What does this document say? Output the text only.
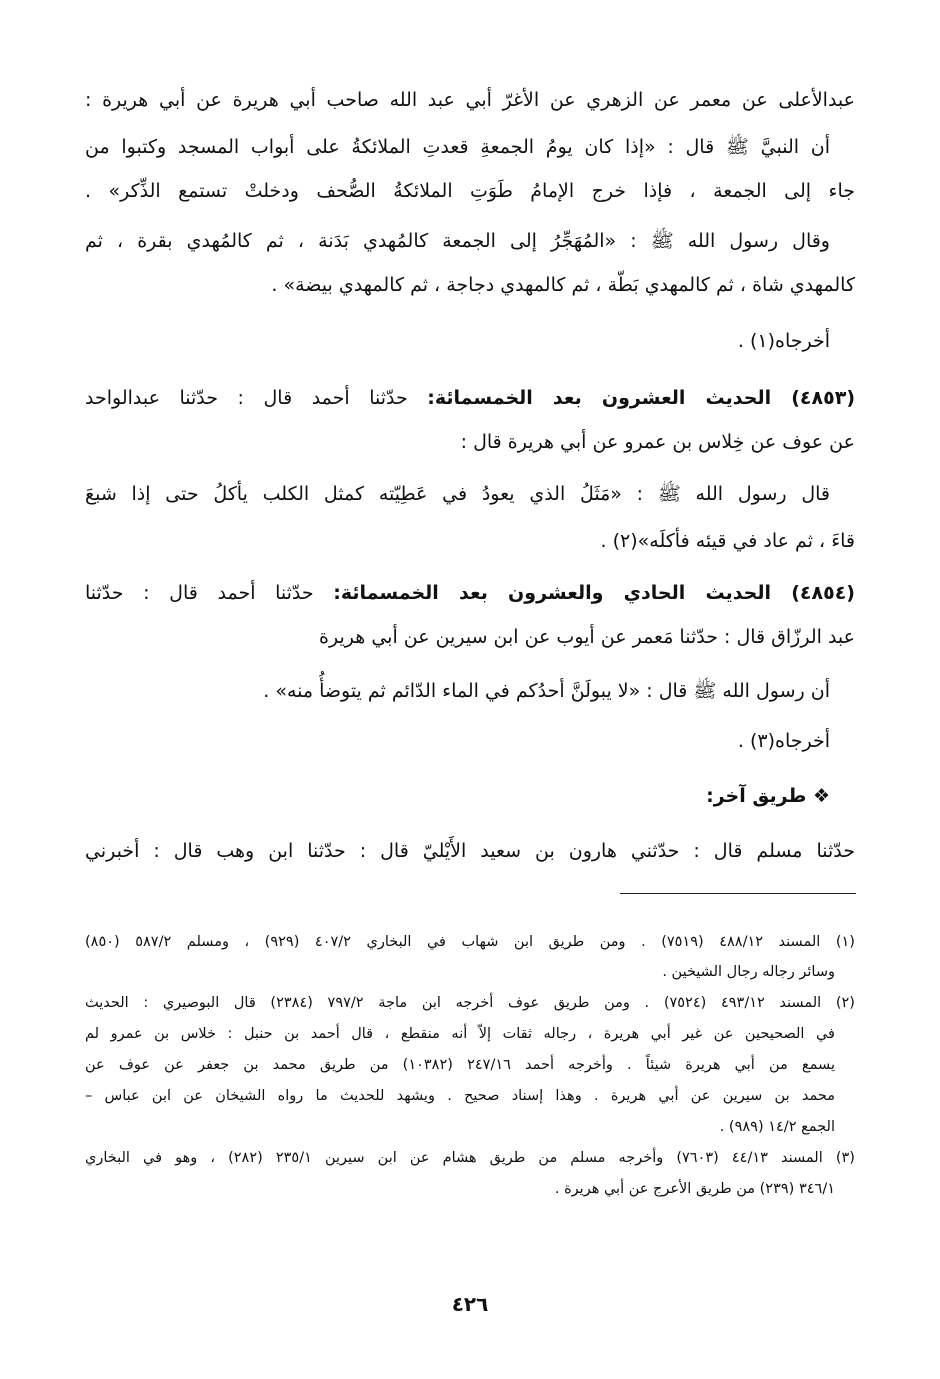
عبدالأعلى عن معمر عن الزهري عن الأغرّ أبي عبد الله صاحب أبي هريرة عن أبي هريرة :
أن النبيَّ ﷺ قال : «إذا كان يومُ الجمعةِ قعدتِ الملائكةُ على أبواب المسجد وكتبوا من
جاء إلى الجمعة ، فإذا خرج الإمامُ طَوَتِ الملائكةُ الصُّحف ودخلتْ تستمع الذِّكر» .
وقال رسول الله ﷺ : «المُهَجِّرُ إلى الجمعة كالمُهدي بَدَنة ، ثم كالمُهدي بقرة ، ثم
كالمهدي شاة ، ثم كالمهدي بَطّة ، ثم كالمهدي دجاجة ، ثم كالمهدي بيضة» .
أخرجاه(١) .
(٤٨٥٣) الحديث العشرون بعد الخمسمائة: حدّثنا أحمد قال : حدّثنا عبدالواحد
عن عوف عن خِلاس بن عمرو عن أبي هريرة قال :
قال رسول الله ﷺ : «مَثَلُ الذي يعودُ في عَطِيّته كمثل الكلب يأكلُ حتى إذا شبعَ
قاءَ ، ثم عاد في قيئه فأكلَه»(٢) .
(٤٨٥٤) الحديث الحادي والعشرون بعد الخمسمائة: حدّثنا أحمد قال : حدّثنا
عبد الرزّاق قال : حدّثنا مَعمر عن أيوب عن ابن سيرين عن أبي هريرة
أن رسول الله ﷺ قال : «لا يبولَنَّ أحدُكم في الماء الدّائم ثم يتوضأُ منه» .
أخرجاه(٣) .
❖ طريق آخر:
حدّثنا مسلم قال : حدّثني هارون بن سعيد الأَيْليّ قال : حدّثنا ابن وهب قال : أخبرني
(١) المسند ٤٨٨/١٢ (٧٥١٩) . ومن طريق ابن شهاب في البخاري ٤٠٧/٢ (٩٢٩) ، ومسلم ٥٨٧/٢ (٨٥٠)
وسائر رجاله رجال الشيخين .
(٢) المسند ٤٩٣/١٢ (٧٥٢٤) . ومن طريق عوف أخرجه ابن ماجة ٧٩٧/٢ (٢٣٨٤) قال البوصيري : الحديث
في الصحيحين عن غير أبي هريرة ، رجاله ثقات إلاّ أنه منقطع ، قال أحمد بن حنبل : خلاس بن عمرو لم
يسمع من أبي هريرة شيئاً . وأخرجه أحمد ٢٤٧/١٦ (١٠٣٨٢) من طريق محمد بن جعفر عن عوف عن
محمد بن سيرين عن أبي هريرة . وهذا إسناد صحيح . ويشهد للحديث ما رواه الشيخان عن ابن عباس –
الجمع ١٤/٢ (٩٨٩) .
(٣) المسند ٤٤/١٣ (٧٦٠٣) وأخرجه مسلم من طريق هشام عن ابن سيرين ٢٣٥/١ (٢٨٢) ، وهو في البخاري
٣٤٦/١ (٢٣٩) من طريق الأعرج عن أبي هريرة .
٤٢٦
